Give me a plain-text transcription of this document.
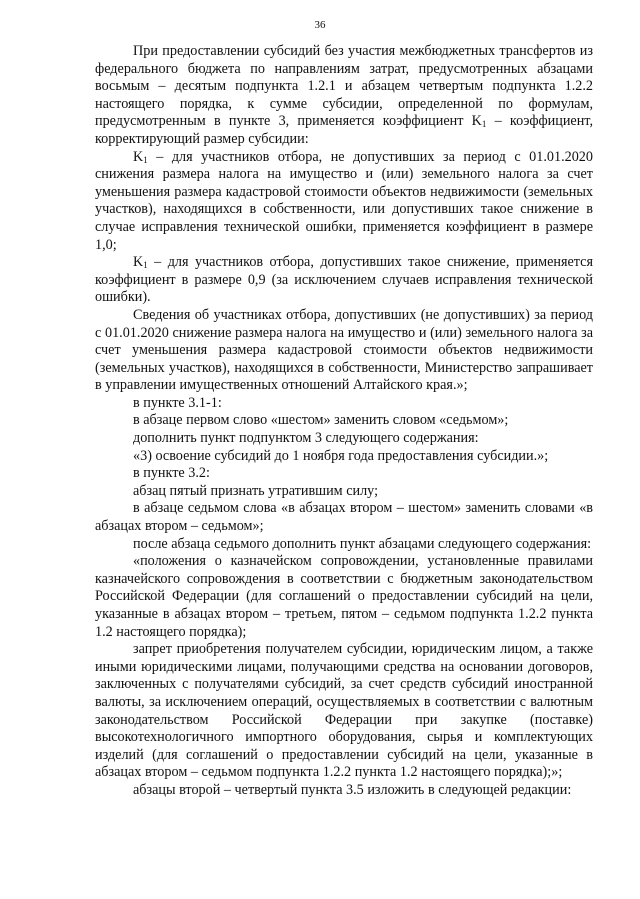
36

При предоставлении субсидий без участия межбюджетных трансфертов из федерального бюджета по направлениям затрат, предусмотренных абзацами восьмым – десятым подпункта 1.2.1 и абзацем четвертым подпункта 1.2.2 настоящего порядка, к сумме субсидии, определенной по формулам, предусмотренным в пункте 3, применяется коэффициент $K_1$ – коэффициент, корректирующий размер субсидии:

$K_1$ – для участников отбора, не допустивших за период с 01.01.2020 снижения размера налога на имущество и (или) земельного налога за счет уменьшения размера кадастровой стоимости объектов недвижимости (земельных участков), находящихся в собственности, или допустивших такое снижение в случае исправления технической ошибки, применяется коэффициент в размере 1,0;

$K_1$ – для участников отбора, допустивших такое снижение, применяется коэффициент в размере 0,9 (за исключением случаев исправления технической ошибки).

Сведения об участниках отбора, допустивших (не допустивших) за период с 01.01.2020 снижение размера налога на имущество и (или) земельного налога за счет уменьшения размера кадастровой стоимости объектов недвижимости (земельных участков), находящихся в собственности, Министерство запрашивает в управлении имущественных отношений Алтайского края.»;

в пункте 3.1-1:

в абзаце первом слово «шестом» заменить словом «седьмом»;

дополнить пункт подпунктом 3 следующего содержания:

«3) освоение субсидий до 1 ноября года предоставления субсидии.»;

в пункте 3.2:

абзац пятый признать утратившим силу;

в абзаце седьмом слова «в абзацах втором – шестом» заменить словами «в абзацах втором – седьмом»;

после абзаца седьмого дополнить пункт абзацами следующего содержания:

«положения о казначейском сопровождении, установленные правилами казначейского сопровождения в соответствии с бюджетным законодательством Российской Федерации (для соглашений о предоставлении субсидий на цели, указанные в абзацах втором – третьем, пятом – седьмом подпункта 1.2.2 пункта 1.2 настоящего порядка);

запрет приобретения получателем субсидии, юридическим лицом, а также иными юридическими лицами, получающими средства на основании договоров, заключенных с получателями субсидий, за счет средств субсидий иностранной валюты, за исключением операций, осуществляемых в соответствии с валютным законодательством Российской Федерации при закупке (поставке) высокотехнологичного импортного оборудования, сырья и комплектующих изделий (для соглашений о предоставлении субсидий на цели, указанные в абзацах втором – седьмом подпункта 1.2.2 пункта 1.2 настоящего порядка);»;

абзацы второй – четвертый пункта 3.5 изложить в следующей редакции:
